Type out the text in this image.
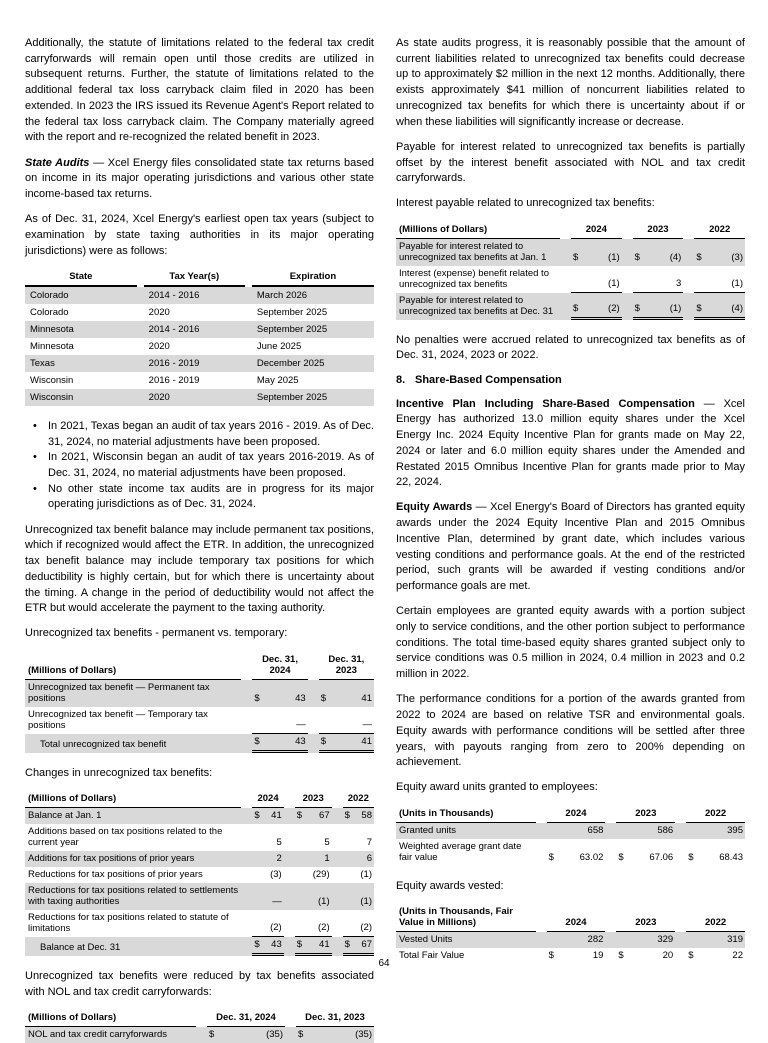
Additionally, the statute of limitations related to the federal tax credit carryforwards will remain open until those credits are utilized in subsequent returns. Further, the statute of limitations related to the additional federal tax loss carryback claim filed in 2020 has been extended. In 2023 the IRS issued its Revenue Agent's Report related to the federal tax loss carryback claim. The Company materially agreed with the report and re-recognized the related benefit in 2023.

State Audits — Xcel Energy files consolidated state tax returns based on income in its major operating jurisdictions and various other state income-based tax returns.

As of Dec. 31, 2024, Xcel Energy's earliest open tax years (subject to examination by state taxing authorities in its major operating jurisdictions) were as follows:

State		Tax Year(s)		Expiration
Colorado		2014 - 2016		March 2026
Colorado		2020		September 2025
Minnesota		2014 - 2016		September 2025
Minnesota		2020		June 2025
Texas		2016 - 2019		December 2025
Wisconsin		2016 - 2019		May 2025
Wisconsin		2020		September 2025
• In 2021, Texas began an audit of tax years 2016 - 2019. As of Dec. 31, 2024, no material adjustments have been proposed.
• In 2021, Wisconsin began an audit of tax years 2016-2019. As of Dec. 31, 2024, no material adjustments have been proposed.
• No other state income tax audits are in progress for its major operating jurisdictions as of Dec. 31, 2024.

Unrecognized tax benefit balance may include permanent tax positions, which if recognized would affect the ETR. In addition, the unrecognized tax benefit balance may include temporary tax positions for which deductibility is highly certain, but for which there is uncertainty about the timing. A change in the period of deductibility would not affect the ETR but would accelerate the payment to the taxing authority.

Unrecognized tax benefits - permanent vs. temporary:

(Millions of Dollars)		Dec. 31, 2024			Dec. 31, 2023	
Unrecognized tax benefit — Permanent tax positions		$	43		$	41
Unrecognized tax benefit — Temporary tax positions			—			—
Total unrecognized tax benefit		$	43		$	41

Changes in unrecognized tax benefits:

(Millions of Dollars)		2024			2023			2022	
Balance at Jan. 1		$	41		$	67		$	58
Additions based on tax positions related to the current year			5			5			7
Additions for tax positions of prior years			2			1			6
Reductions for tax positions of prior years			(3)			(29)			(1)
Reductions for tax positions related to settlements with taxing authorities			—			(1)			(1)
Reductions for tax positions related to statute of limitations			(2)			(2)			(2)
Balance at Dec. 31		$	43		$	41		$	67

Unrecognized tax benefits were reduced by tax benefits associated with NOL and tax credit carryforwards:

(Millions of Dollars)		Dec. 31, 2024			Dec. 31, 2023	
NOL and tax credit carryforwards		$	(35)		$	(35)

As state audits progress, it is reasonably possible that the amount of current liabilities related to unrecognized tax benefits could decrease up to approximately $2 million in the next 12 months. Additionally, there exists approximately $41 million of noncurrent liabilities related to unrecognized tax benefits for which there is uncertainty about if or when these liabilities will significantly increase or decrease.

Payable for interest related to unrecognized tax benefits is partially offset by the interest benefit associated with NOL and tax credit carryforwards.

Interest payable related to unrecognized tax benefits:

(Millions of Dollars)		2024			2023			2022	
Payable for interest related to unrecognized tax benefits at Jan. 1		$	(1)		$	(4)		$	(3)
Interest (expense) benefit related to unrecognized tax benefits			(1)			3			(1)
Payable for interest related to unrecognized tax benefits at Dec. 31		$	(2)		$	(1)		$	(4)

No penalties were accrued related to unrecognized tax benefits as of Dec. 31, 2024, 2023 or 2022.

8. Share-Based Compensation

Incentive Plan Including Share-Based Compensation — Xcel Energy has authorized 13.0 million equity shares under the Xcel Energy Inc. 2024 Equity Incentive Plan for grants made on May 22, 2024 or later and 6.0 million equity shares under the Amended and Restated 2015 Omnibus Incentive Plan for grants made prior to May 22, 2024.

Equity Awards — Xcel Energy's Board of Directors has granted equity awards under the 2024 Equity Incentive Plan and 2015 Omnibus Incentive Plan, determined by grant date, which includes various vesting conditions and performance goals. At the end of the restricted period, such grants will be awarded if vesting conditions and/or performance goals are met.

Certain employees are granted equity awards with a portion subject only to service conditions, and the other portion subject to performance conditions. The total time-based equity shares granted subject only to service conditions was 0.5 million in 2024, 0.4 million in 2023 and 0.2 million in 2022.

The performance conditions for a portion of the awards granted from 2022 to 2024 are based on relative TSR and environmental goals. Equity awards with performance conditions will be settled after three years, with payouts ranging from zero to 200% depending on achievement.

Equity award units granted to employees:

(Units in Thousands)		2024			2023			2022	
Granted units			658			586			395
Weighted average grant date fair value		$	63.02		$	67.06		$	68.43

Equity awards vested:

(Units in Thousands, Fair Value in Millions)		2024			2023			2022	
Vested Units			282			329			319
Total Fair Value		$	19		$	20		$	22
64
